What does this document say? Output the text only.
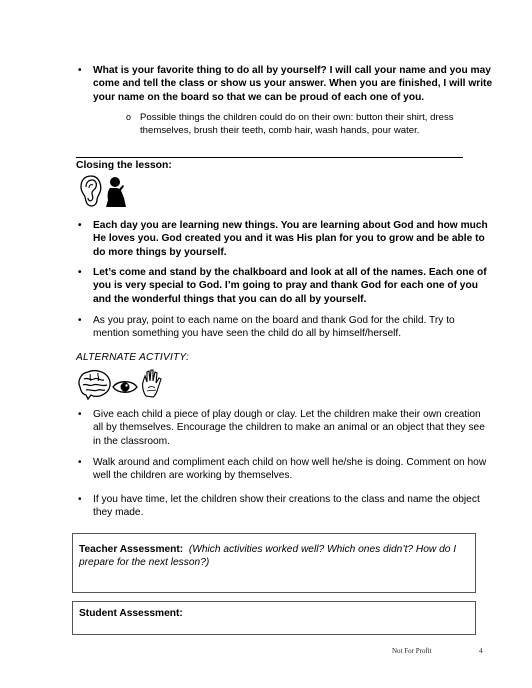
• What is your favorite thing to do all by yourself? I will call your name and you may come and tell the class or show us your answer. When you are finished, I will write your name on the board so that we can be proud of each one of you.
o Possible things the children could do on their own: button their shirt, dress themselves, brush their teeth, comb hair, wash hands, pour water.
Closing the lesson:
• Each day you are learning new things. You are learning about God and how much He loves you. God created you and it was His plan for you to grow and be able to do more things by yourself.
• Let’s come and stand by the chalkboard and look at all of the names. Each one of you is very special to God. I’m going to pray and thank God for each one of you and the wonderful things that you can do all by yourself.
• As you pray, point to each name on the board and thank God for the child. Try to mention something you have seen the child do all by himself/herself.
ALTERNATE ACTIVITY:
• Give each child a piece of play dough or clay. Let the children make their own creation all by themselves. Encourage the children to make an animal or an object that they see in the classroom.
• Walk around and compliment each child on how well he/she is doing. Comment on how well the children are working by themselves.
• If you have time, let the children show their creations to the class and name the object they made.
Teacher Assessment: (Which activities worked well? Which ones didn’t? How do I prepare for the next lesson?)
Student Assessment:
Not For Profit	4
